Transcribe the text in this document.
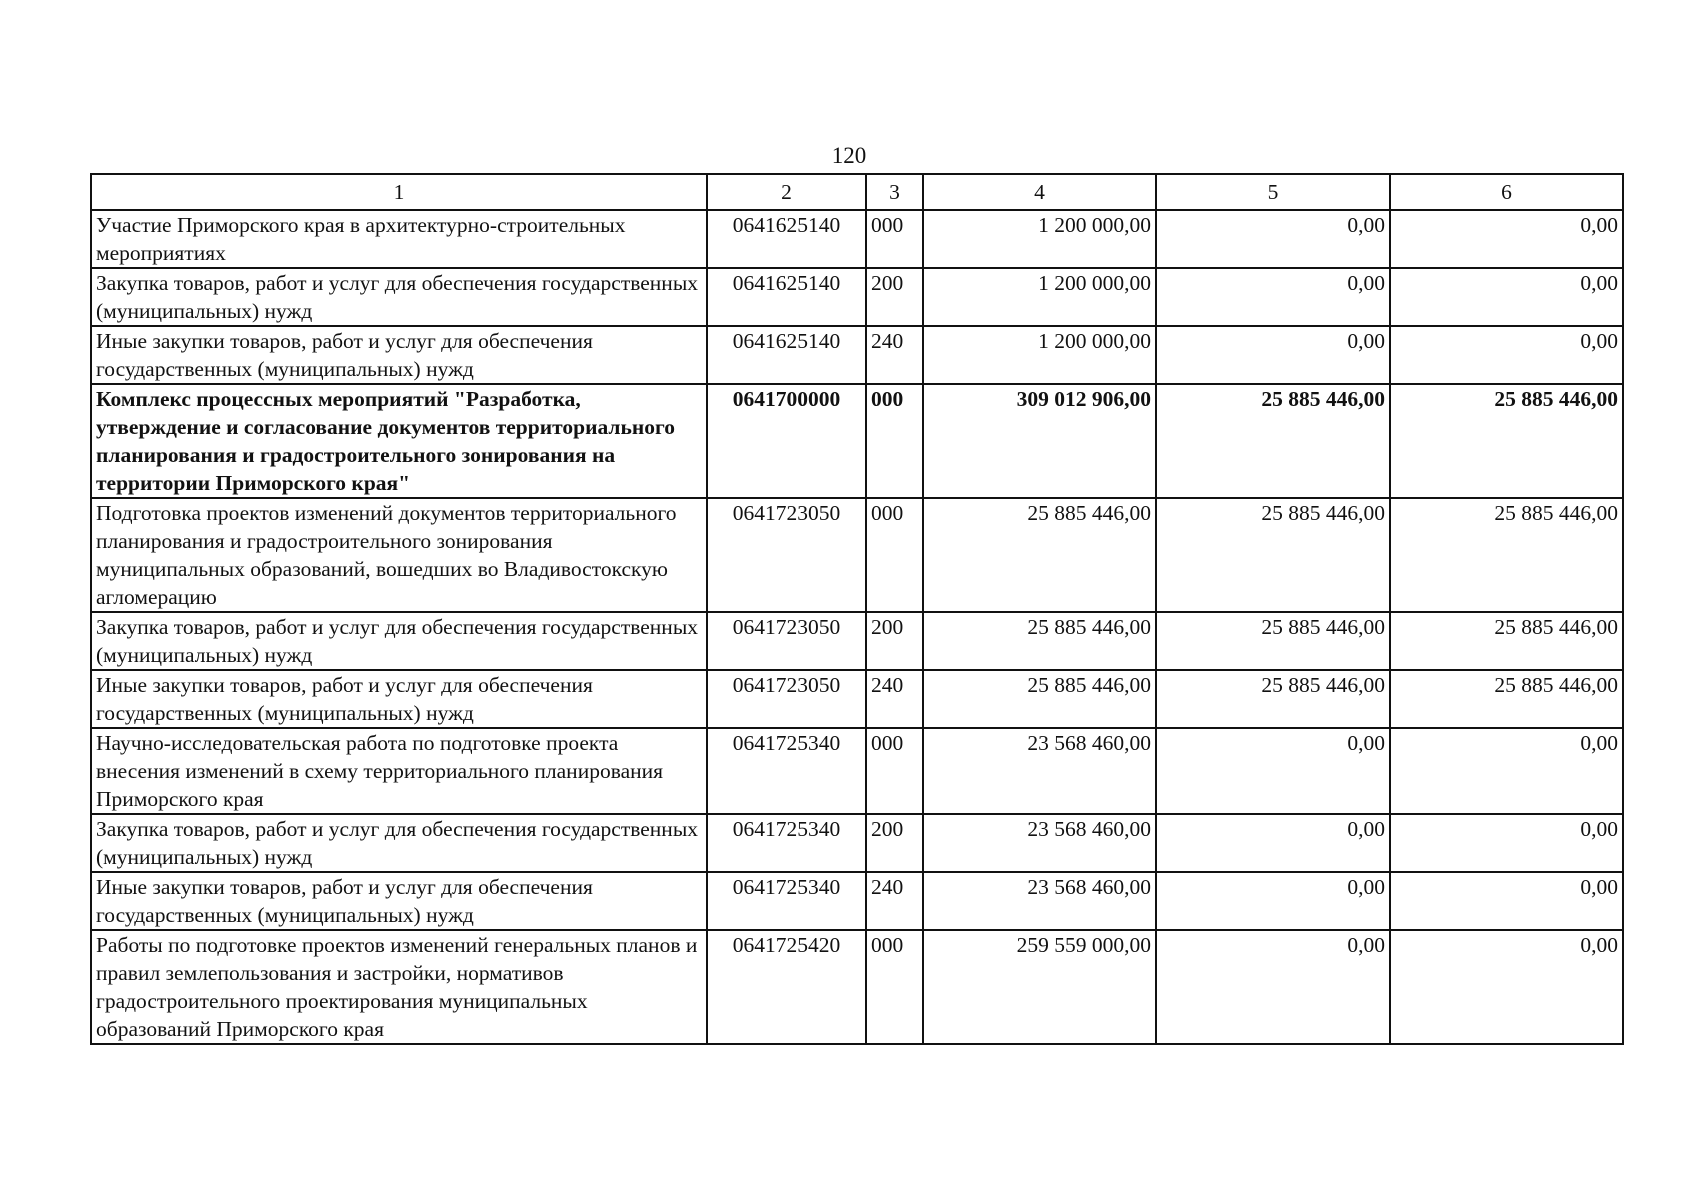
120
1	2	3	4	5	6
Участие Приморского края в архитектурно-строительных мероприятиях	0641625140	000	1 200 000,00	0,00	0,00
Закупка товаров, работ и услуг для обеспечения государственных (муниципальных) нужд	0641625140	200	1 200 000,00	0,00	0,00
Иные закупки товаров, работ и услуг для обеспечения государственных (муниципальных) нужд	0641625140	240	1 200 000,00	0,00	0,00
Комплекс процессных мероприятий "Разработка, утверждение и согласование документов территориального планирования и градостроительного зонирования на территории Приморского края"	0641700000	000	309 012 906,00	25 885 446,00	25 885 446,00
Подготовка проектов изменений документов территориального планирования и градостроительного зонирования муниципальных образований, вошедших во Владивостокскую агломерацию	0641723050	000	25 885 446,00	25 885 446,00	25 885 446,00
Закупка товаров, работ и услуг для обеспечения государственных (муниципальных) нужд	0641723050	200	25 885 446,00	25 885 446,00	25 885 446,00
Иные закупки товаров, работ и услуг для обеспечения государственных (муниципальных) нужд	0641723050	240	25 885 446,00	25 885 446,00	25 885 446,00
Научно-исследовательская работа по подготовке проекта внесения изменений в схему территориального планирования Приморского края	0641725340	000	23 568 460,00	0,00	0,00
Закупка товаров, работ и услуг для обеспечения государственных (муниципальных) нужд	0641725340	200	23 568 460,00	0,00	0,00
Иные закупки товаров, работ и услуг для обеспечения государственных (муниципальных) нужд	0641725340	240	23 568 460,00	0,00	0,00
Работы по подготовке проектов изменений генеральных планов и правил землепользования и застройки, нормативов градостроительного проектирования муниципальных образований Приморского края	0641725420	000	259 559 000,00	0,00	0,00
